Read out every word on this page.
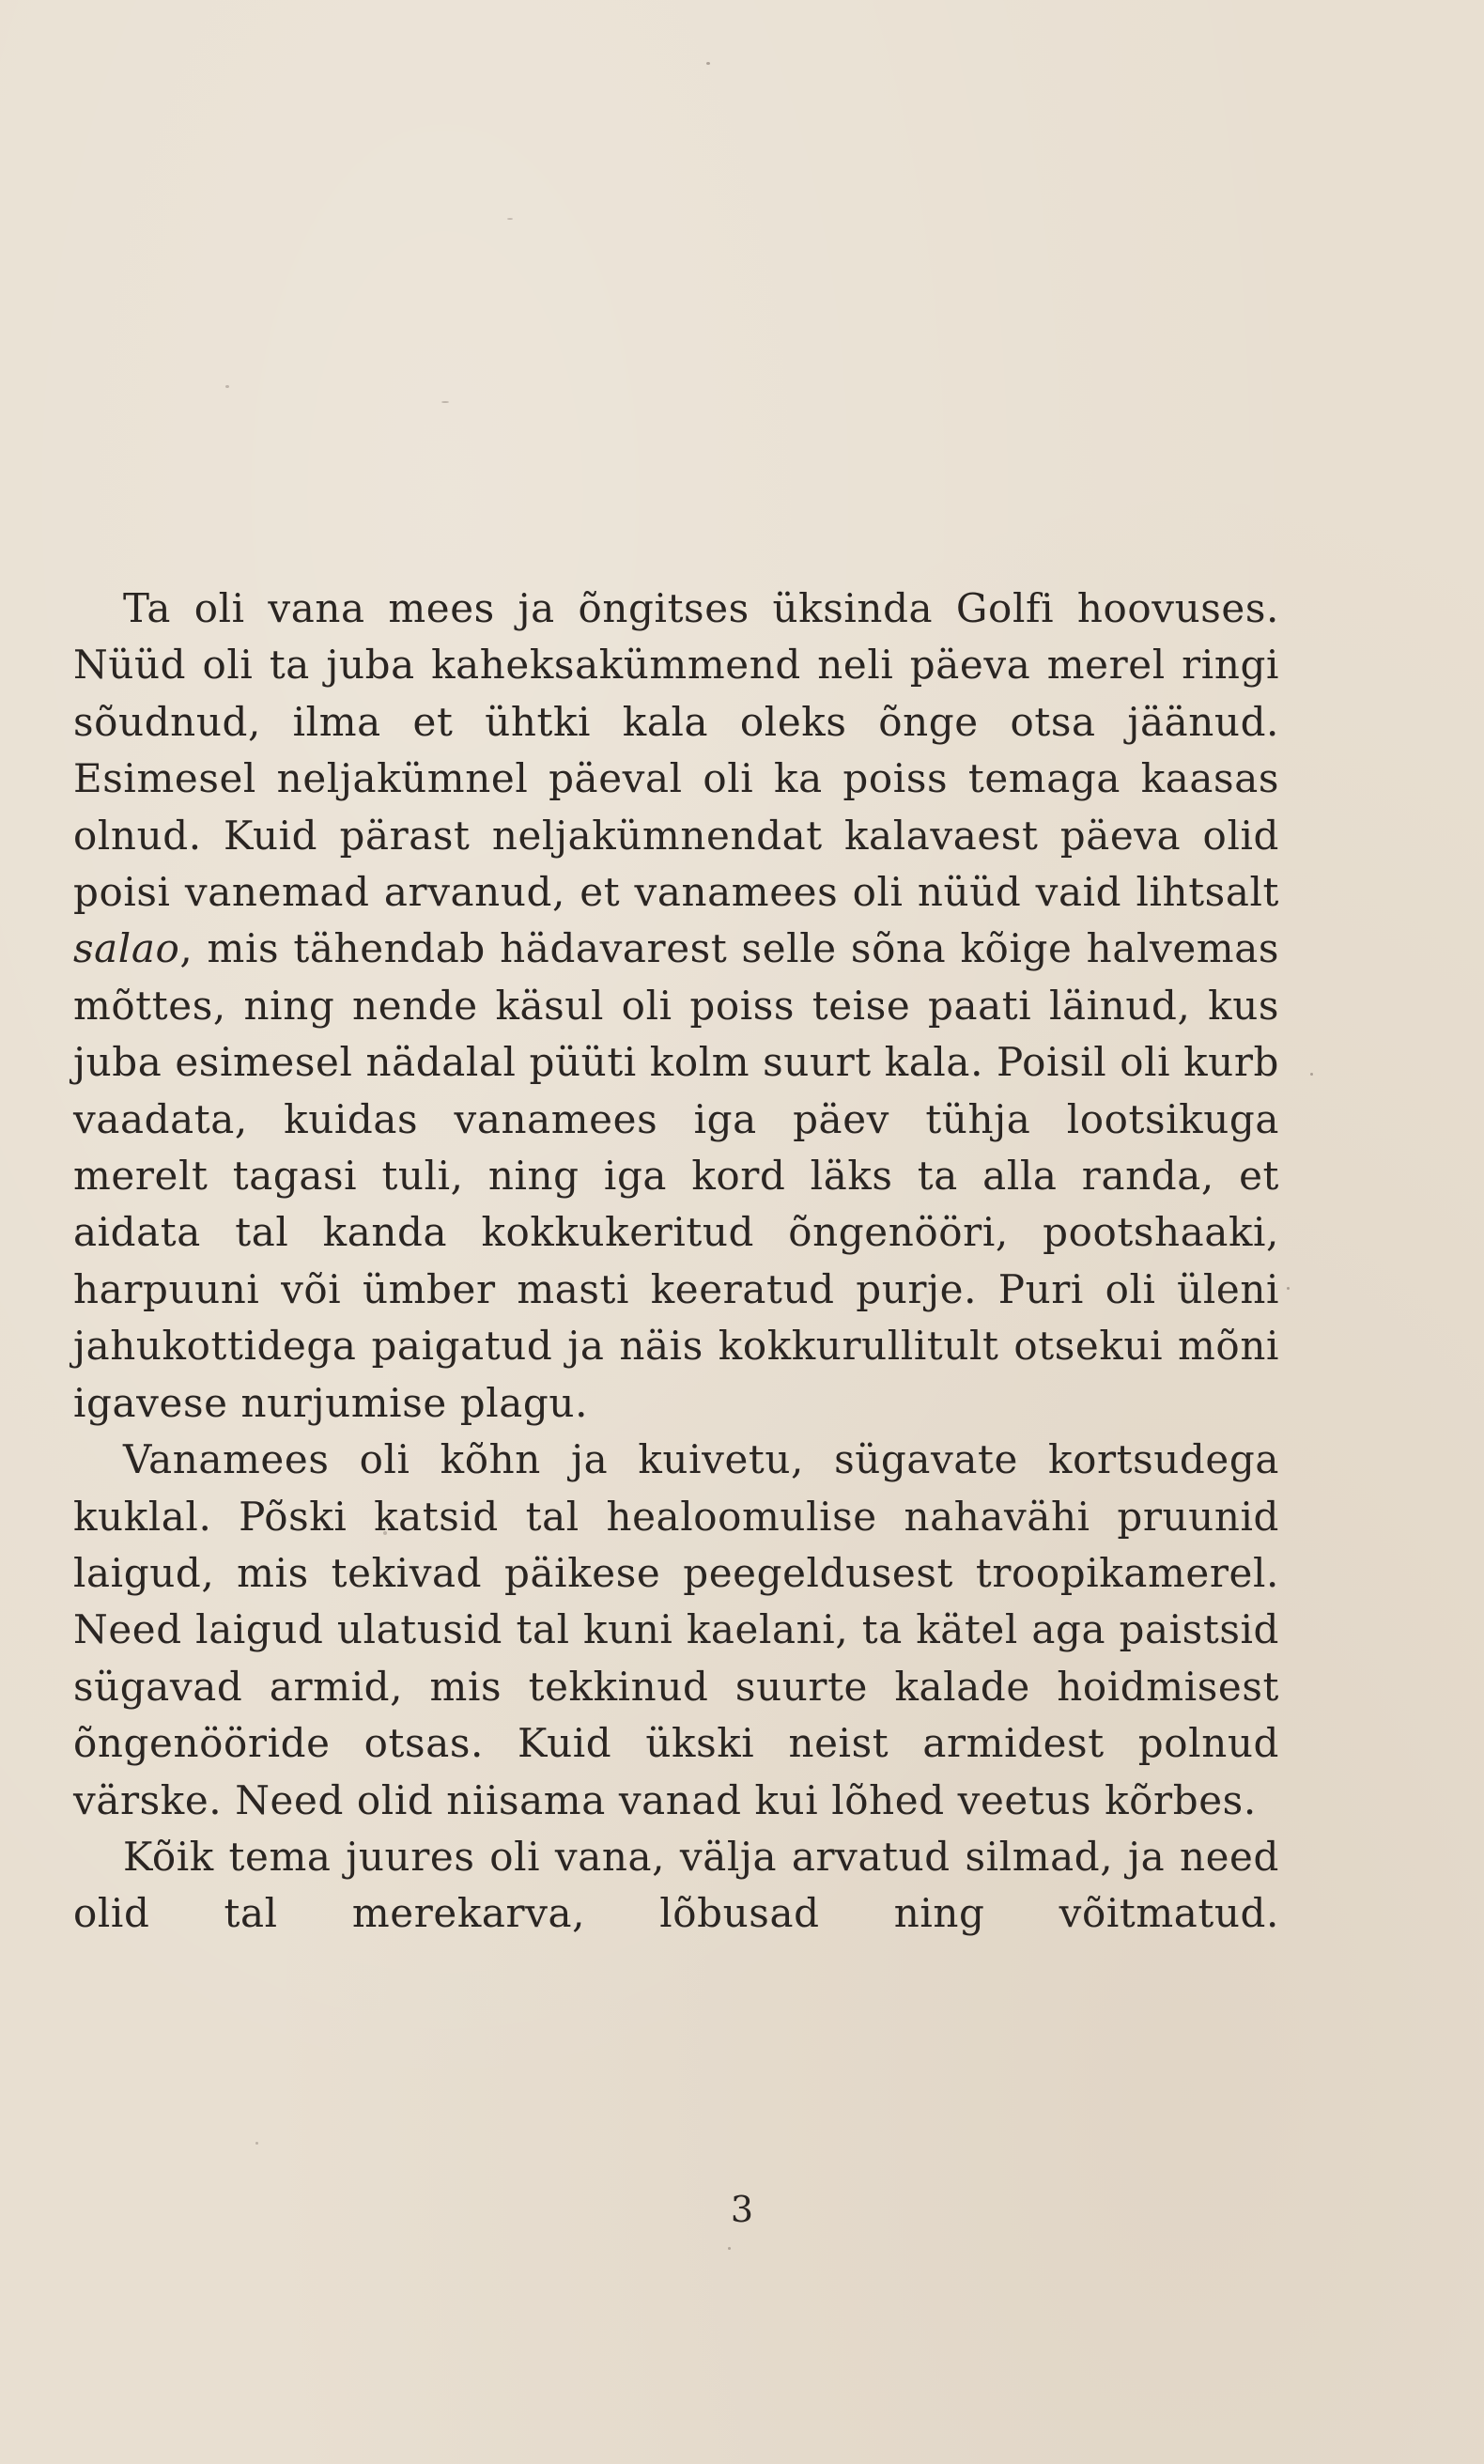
Ta oli vana mees ja õngitses üksinda Golfi hoovuses. Nüüd oli ta juba kaheksakümmend neli päeva merel ringi sõudnud, ilma et ühtki kala oleks õnge otsa jäänud. Esimesel neljakümnel päeval oli ka poiss temaga kaasas olnud. Kuid pärast neljakümnendat kalavaest päeva olid poisi vanemad arvanud, et vanamees oli nüüd vaid lihtsalt salao, mis tähendab hädavarest selle sõna kõige halvemas mõttes, ning nende käsul oli poiss teise paati läinud, kus juba esimesel nädalal püüti kolm suurt kala. Poisil oli kurb vaadata, kuidas vanamees iga päev tühja lootsikuga merelt tagasi tuli, ning iga kord läks ta alla randa, et aidata tal kanda kokkukeritud õngenööri, pootshaaki, harpuuni või ümber masti keeratud purje. Puri oli üleni jahukottidega paigatud ja näis kokkurullitult otsekui mõni igavese nurjumise plagu.

Vanamees oli kõhn ja kuivetu, sügavate kortsudega kuklal. Põski katsid tal healoomulise nahavähi pruunid laigud, mis tekivad päikese peegeldusest troopikamerel. Need laigud ulatusid tal kuni kaelani, ta kätel aga paistsid sügavad armid, mis tekkinud suurte kalade hoidmisest õngenööride otsas. Kuid ükski neist armidest polnud värske. Need olid niisama vanad kui lõhed veetus kõrbes.

Kõik tema juures oli vana, välja arvatud silmad, ja need olid tal merekarva, lõbusad ning võitmatud.

3
